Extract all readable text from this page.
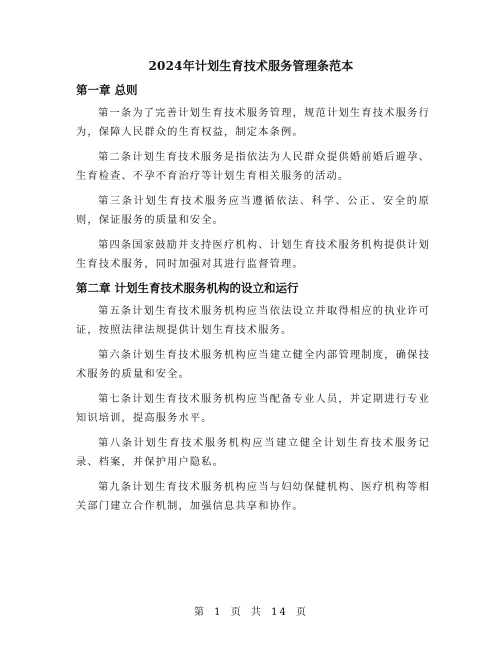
2024年计划生育技术服务管理条范本
第一章 总则

第一条为了完善计划生育技术服务管理，规范计划生育技术服务行为，保障人民群众的生育权益，制定本条例。

第二条计划生育技术服务是指依法为人民群众提供婚前婚后避孕、生育检查、不孕不育治疗等计划生育相关服务的活动。

第三条计划生育技术服务应当遵循依法、科学、公正、安全的原则，保证服务的质量和安全。

第四条国家鼓励并支持医疗机构、计划生育技术服务机构提供计划生育技术服务，同时加强对其进行监督管理。

第二章 计划生育技术服务机构的设立和运行

第五条计划生育技术服务机构应当依法设立并取得相应的执业许可证，按照法律法规提供计划生育技术服务。

第六条计划生育技术服务机构应当建立健全内部管理制度，确保技术服务的质量和安全。

第七条计划生育技术服务机构应当配备专业人员，并定期进行专业知识培训，提高服务水平。

第八条计划生育技术服务机构应当建立健全计划生育技术服务记录、档案，并保护用户隐私。

第九条计划生育技术服务机构应当与妇幼保健机构、医疗机构等相关部门建立合作机制，加强信息共享和协作。

第 1 页 共 14 页
